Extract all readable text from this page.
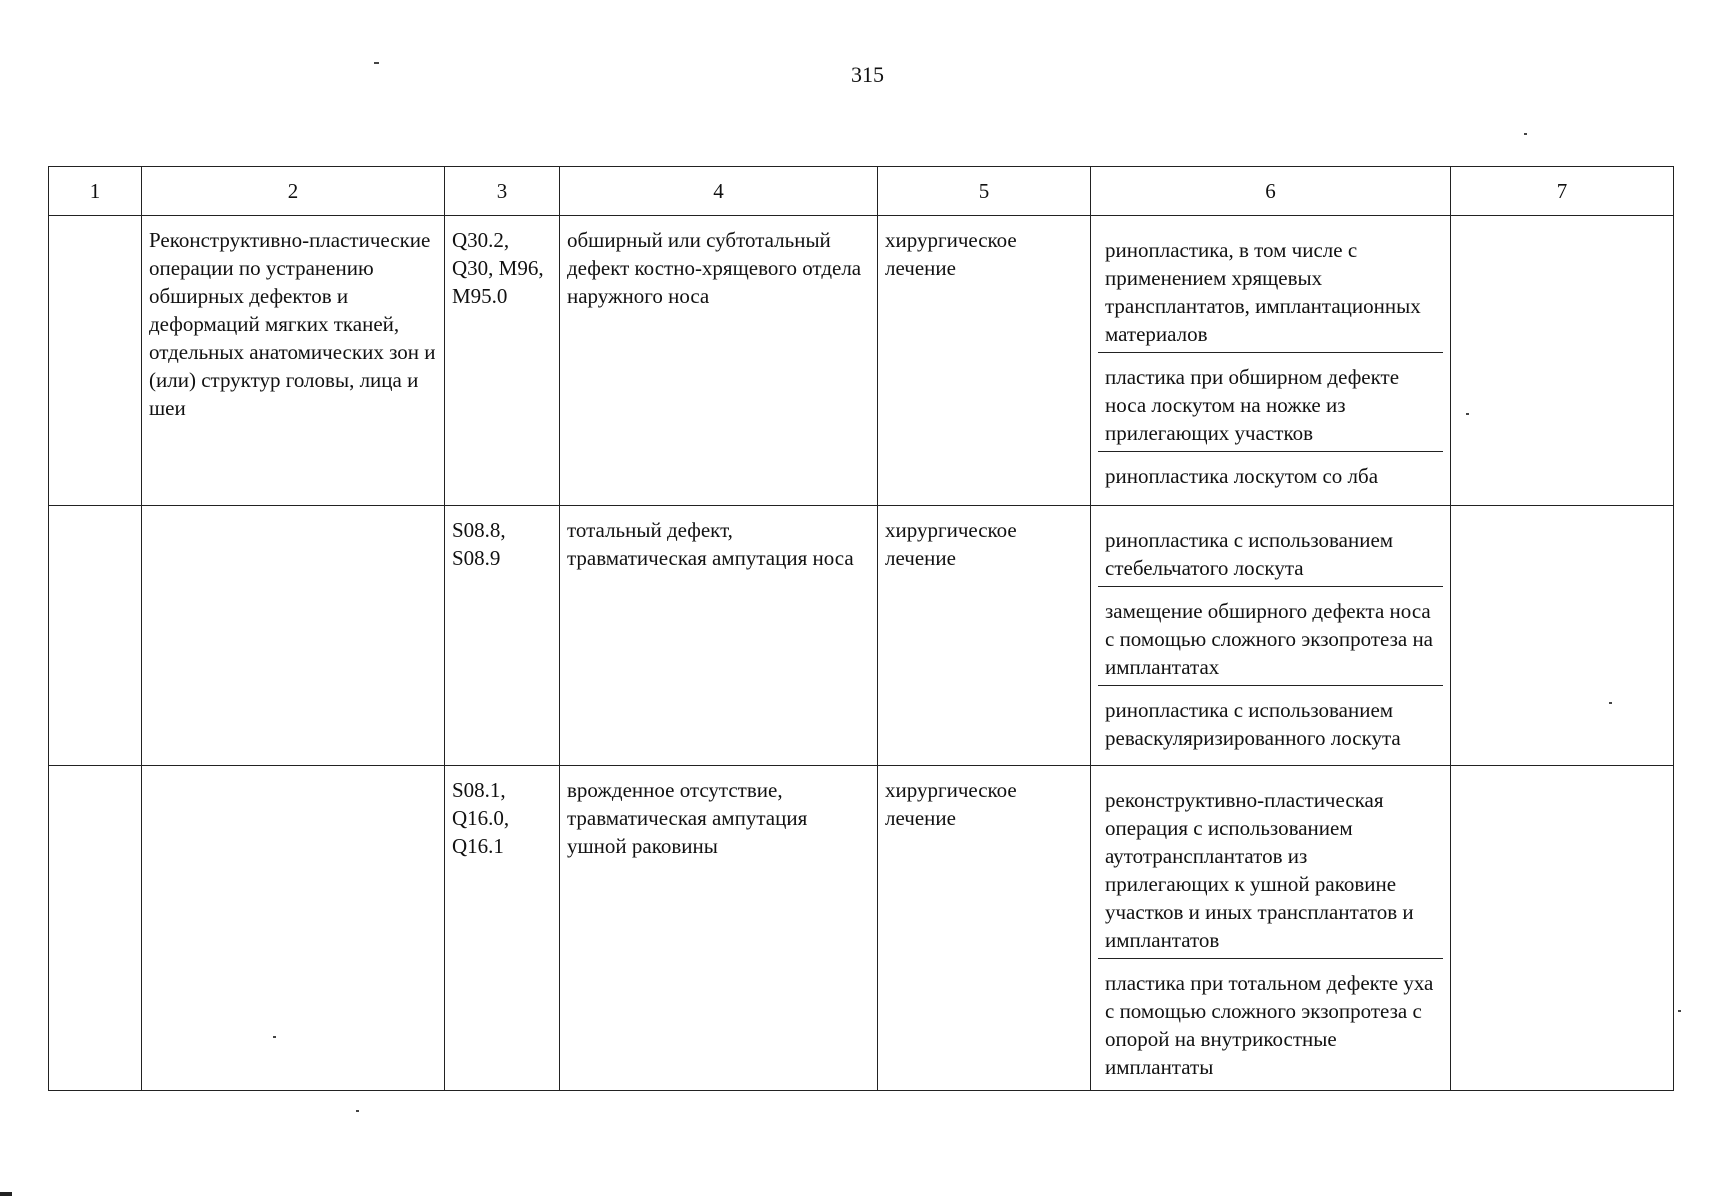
315
1	2	3	4	5	6	7
	Реконструктивно-пластические операции по устранению обширных дефектов и деформаций мягких тканей, отдельных анатомических зон и (или) структур головы, лица и шеи	Q30.2, Q30, M96, M95.0	обширный или субтотальный дефект костно-хрящевого отдела наружного носа	хирургическое лечение	ринопластика, в том числе с применением хрящевых трансплантатов, имплантационных материалов
пластика при обширном дефекте носа лоскутом на ножке из прилегающих участков
ринопластика лоскутом со лба	

		S08.8, S08.9	тотальный дефект, травматическая ампутация носа	хирургическое лечение	ринопластика с использованием стебельчатого лоскута
замещение обширного дефекта носа с помощью сложного экзопротеза на имплантатах
ринопластика с использованием реваскуляризированного лоскута	

		S08.1, Q16.0, Q16.1	врожденное отсутствие, травматическая ампутация ушной раковины	хирургическое лечение	реконструктивно-пластическая операция с использованием аутотрансплантатов из прилегающих к ушной раковине участков и иных трансплантатов и имплантатов
пластика при тотальном дефекте уха с помощью сложного экзопротеза с опорой на внутрикостные имплантаты	
